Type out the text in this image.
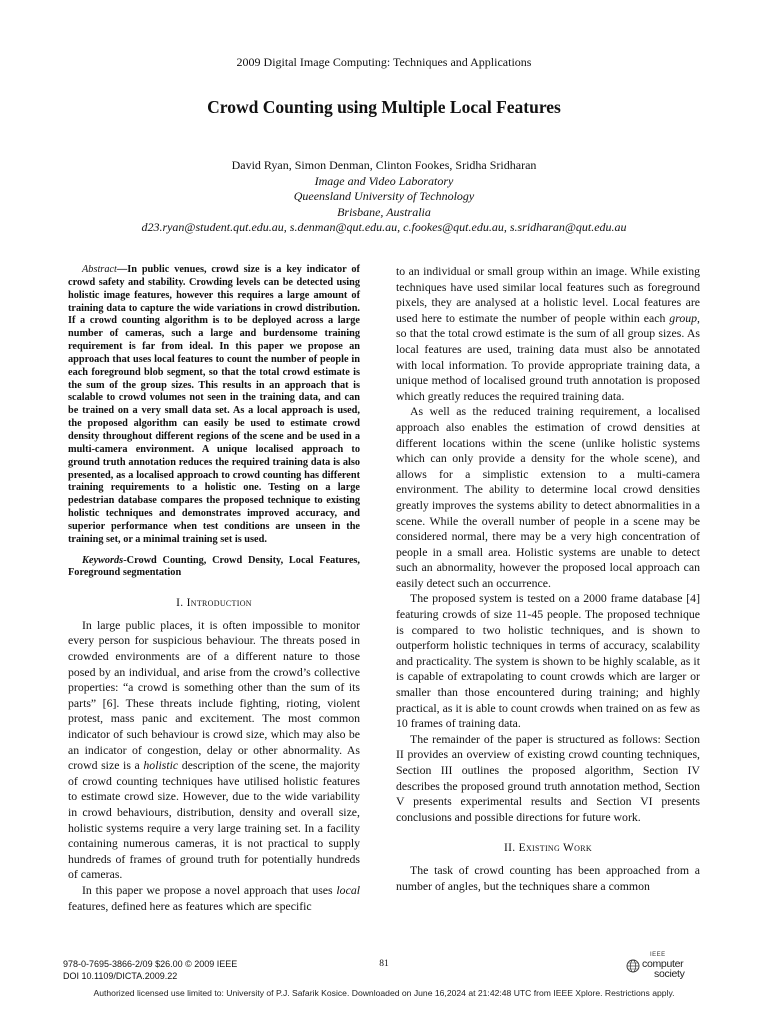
2009 Digital Image Computing: Techniques and Applications
Crowd Counting using Multiple Local Features
David Ryan, Simon Denman, Clinton Fookes, Sridha Sridharan
Image and Video Laboratory
Queensland University of Technology
Brisbane, Australia
d23.ryan@student.qut.edu.au, s.denman@qut.edu.au, c.fookes@qut.edu.au, s.sridharan@qut.edu.au

Abstract—In public venues, crowd size is a key indicator of crowd safety and stability. Crowding levels can be detected using holistic image features, however this requires a large amount of training data to capture the wide variations in crowd distribution. If a crowd counting algorithm is to be deployed across a large number of cameras, such a large and burdensome training requirement is far from ideal. In this paper we propose an approach that uses local features to count the number of people in each foreground blob segment, so that the total crowd estimate is the sum of the group sizes. This results in an approach that is scalable to crowd volumes not seen in the training data, and can be trained on a very small data set. As a local approach is used, the proposed algorithm can easily be used to estimate crowd density throughout different regions of the scene and be used in a multi-camera environment. A unique localised approach to ground truth annotation reduces the required training data is also presented, as a localised approach to crowd counting has different training requirements to a holistic one. Testing on a large pedestrian database compares the proposed technique to existing holistic techniques and demonstrates improved accuracy, and superior performance when test conditions are unseen in the training set, or a minimal training set is used.

Keywords-Crowd Counting, Crowd Density, Local Features, Foreground segmentation

I. Introduction

In large public places, it is often impossible to monitor every person for suspicious behaviour. The threats posed in crowded environments are of a different nature to those posed by an individual, and arise from the crowd’s collective properties: “a crowd is something other than the sum of its parts” [6]. These threats include fighting, rioting, violent protest, mass panic and excitement. The most common indicator of such behaviour is crowd size, which may also be an indicator of congestion, delay or other abnormality. As crowd size is a holistic description of the scene, the majority of crowd counting techniques have utilised holistic features to estimate crowd size. However, due to the wide variability in crowd behaviours, distribution, density and overall size, holistic systems require a very large training set. In a facility containing numerous cameras, it is not practical to supply hundreds of frames of ground truth for potentially hundreds of cameras.

In this paper we propose a novel approach that uses local features, defined here as features which are specific

to an individual or small group within an image. While existing techniques have used similar local features such as foreground pixels, they are analysed at a holistic level. Local features are used here to estimate the number of people within each group, so that the total crowd estimate is the sum of all group sizes. As local features are used, training data must also be annotated with local information. To provide appropriate training data, a unique method of localised ground truth annotation is proposed which greatly reduces the required training data.

As well as the reduced training requirement, a localised approach also enables the estimation of crowd densities at different locations within the scene (unlike holistic systems which can only provide a density for the whole scene), and allows for a simplistic extension to a multi-camera environment. The ability to determine local crowd densities greatly improves the systems ability to detect abnormalities in a scene. While the overall number of people in a scene may be considered normal, there may be a very high concentration of people in a small area. Holistic systems are unable to detect such an abnormality, however the proposed local approach can easily detect such an occurrence.

The proposed system is tested on a 2000 frame database [4] featuring crowds of size 11-45 people. The proposed technique is compared to two holistic techniques, and is shown to outperform holistic techniques in terms of accuracy, scalability and practicality. The system is shown to be highly scalable, as it is capable of extrapolating to count crowds which are larger or smaller than those encountered during training; and highly practical, as it is able to count crowds when trained on as few as 10 frames of training data.

The remainder of the paper is structured as follows: Section II provides an overview of existing crowd counting techniques, Section III outlines the proposed algorithm, Section IV describes the proposed ground truth annotation method, Section V presents experimental results and Section VI presents conclusions and possible directions for future work.

II. Existing Work

The task of crowd counting has been approached from a number of angles, but the techniques share a common

978-0-7695-3866-2/09 $26.00 © 2009 IEEE
DOI 10.1109/DICTA.2009.22
81
IEEE
computer
society
Authorized licensed use limited to: University of P.J. Safarik Kosice. Downloaded on June 16,2024 at 21:42:48 UTC from IEEE Xplore. Restrictions apply.
